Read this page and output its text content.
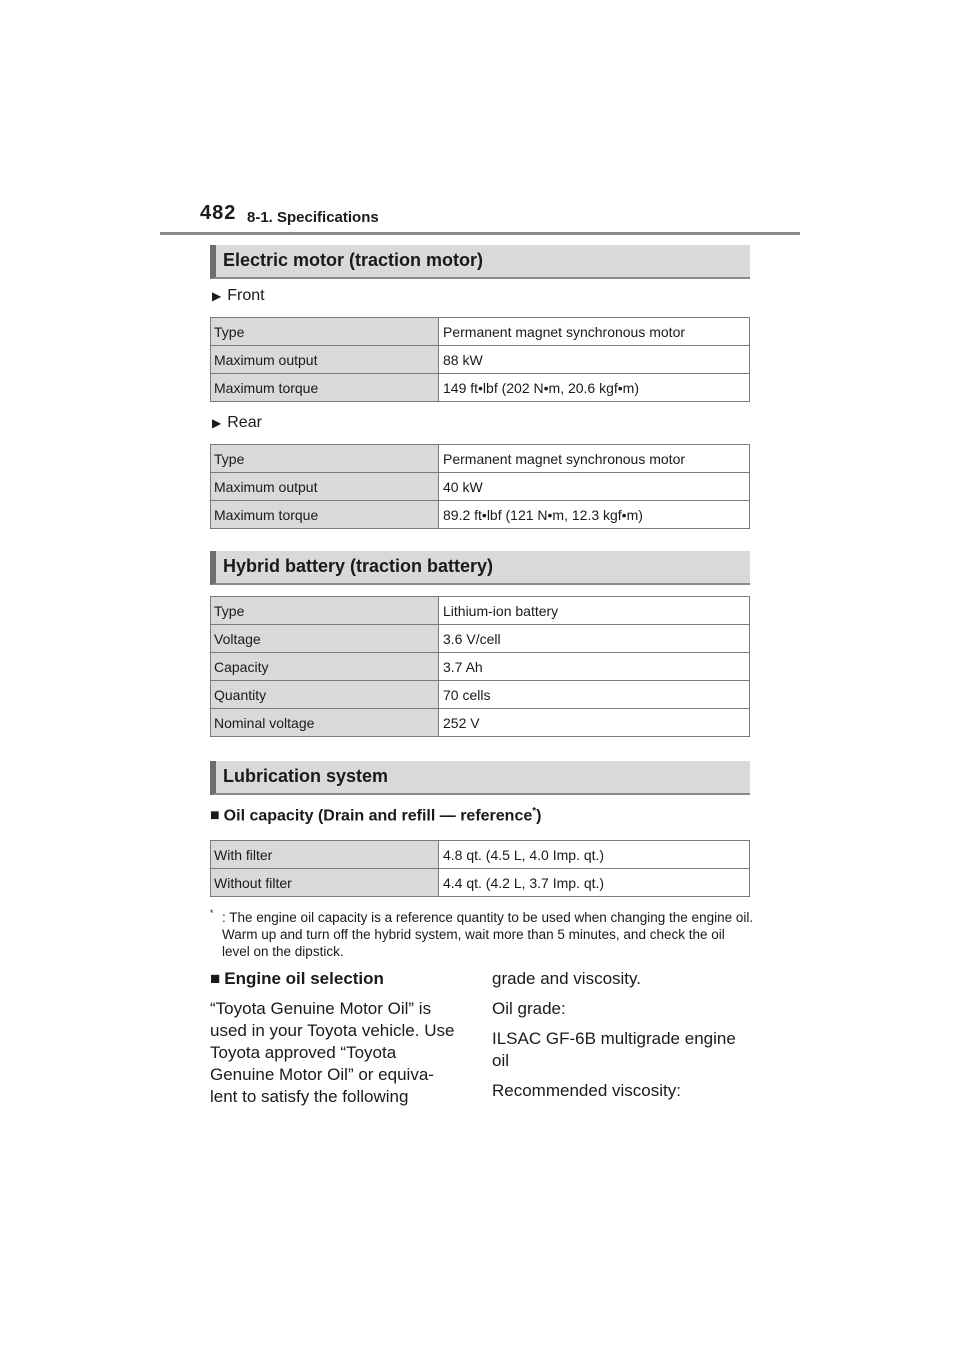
482 8-1. Specifications
Electric motor (traction motor)
▶ Front
Type	Permanent magnet synchronous motor
Maximum output	88 kW
Maximum torque	149 ft•lbf (202 N•m, 20.6 kgf•m)
▶ Rear
Type	Permanent magnet synchronous motor
Maximum output	40 kW
Maximum torque	89.2 ft•lbf (121 N•m, 12.3 kgf•m)
Hybrid battery (traction battery)
Type	Lithium-ion battery
Voltage	3.6 V/cell
Capacity	3.7 Ah
Quantity	70 cells
Nominal voltage	252 V
Lubrication system
■ Oil capacity (Drain and refill — reference*)
With filter	4.8 qt. (4.5 L, 4.0 Imp. qt.)
Without filter	4.4 qt. (4.2 L, 3.7 Imp. qt.)
* : The engine oil capacity is a reference quantity to be used when changing the engine oil. Warm up and turn off the hybrid system, wait more than 5 minutes, and check the oil level on the dipstick.
■ Engine oil selection

“Toyota Genuine Motor Oil” is used in your Toyota vehicle. Use Toyota approved “Toyota Genuine Motor Oil” or equiva-lent to satisfy the following

grade and viscosity.

Oil grade:

ILSAC GF-6B multigrade engine oil

Recommended viscosity:
